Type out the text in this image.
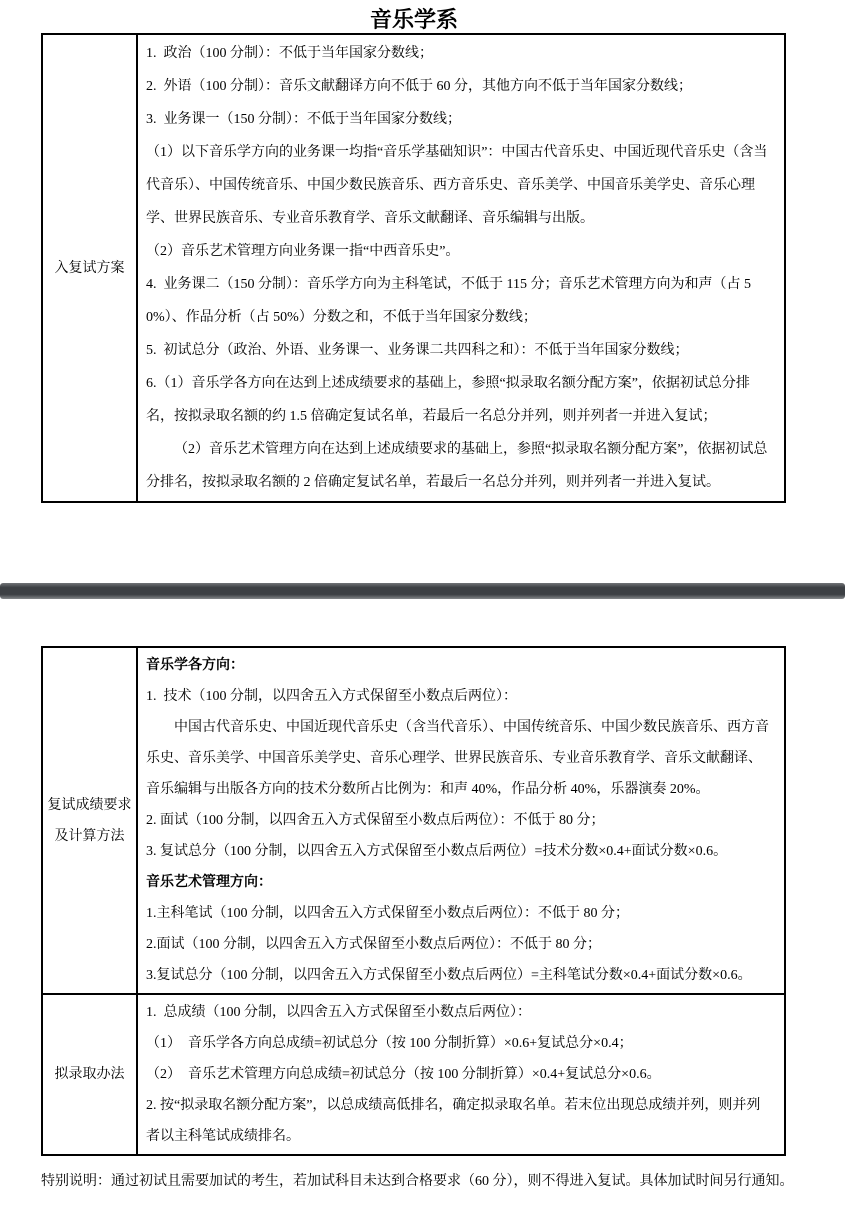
音乐学系
入复试方案

1.  政治（100 分制）：不低于当年国家分数线；

2.  外语（100 分制）：音乐文献翻译方向不低于 60 分，其他方向不低于当年国家分数线；

3.  业务课一（150 分制）：不低于当年国家分数线；

（1）以下音乐学方向的业务课一均指“音乐学基础知识”：中国古代音乐史、中国近现代音乐史（含当代音乐）、中国传统音乐、中国少数民族音乐、西方音乐史、音乐美学、中国音乐美学史、音乐心理学、世界民族音乐、专业音乐教育学、音乐文献翻译、音乐编辑与出版。

（2）音乐艺术管理方向业务课一指“中西音乐史”。

4.  业务课二（150 分制）：音乐学方向为主科笔试，不低于 115 分；音乐艺术管理方向为和声（占 50%）、作品分析（占 50%）分数之和，不低于当年国家分数线；

5.  初试总分（政治、外语、业务课一、业务课二共四科之和）：不低于当年国家分数线；

6.（1）音乐学各方向在达到上述成绩要求的基础上，参照“拟录取名额分配方案”，依据初试总分排名，按拟录取名额的约 1.5 倍确定复试名单，若最后一名总分并列，则并列者一并进入复试；

（2）音乐艺术管理方向在达到上述成绩要求的基础上，参照“拟录取名额分配方案”，依据初试总分排名，按拟录取名额的 2 倍确定复试名单，若最后一名总分并列，则并列者一并进入复试。

复试成绩要求
及计算方法

音乐学各方向：

1.  技术（100 分制，以四舍五入方式保留至小数点后两位）：

中国古代音乐史、中国近现代音乐史（含当代音乐）、中国传统音乐、中国少数民族音乐、西方音乐史、音乐美学、中国音乐美学史、音乐心理学、世界民族音乐、专业音乐教育学、音乐文献翻译、音乐编辑与出版各方向的技术分数所占比例为：和声 40%，作品分析 40%，乐器演奏 20%。

2. 面试（100 分制，以四舍五入方式保留至小数点后两位）：不低于 80 分；

3. 复试总分（100 分制，以四舍五入方式保留至小数点后两位）=技术分数×0.4+面试分数×0.6。

音乐艺术管理方向：

1.主科笔试（100 分制，以四舍五入方式保留至小数点后两位）：不低于 80 分；

2.面试（100 分制，以四舍五入方式保留至小数点后两位）：不低于 80 分；

3.复试总分（100 分制，以四舍五入方式保留至小数点后两位）=主科笔试分数×0.4+面试分数×0.6。

拟录取办法

1.  总成绩（100 分制，以四舍五入方式保留至小数点后两位）：

（1）　音乐学各方向总成绩=初试总分（按 100 分制折算）×0.6+复试总分×0.4；

（2）　音乐艺术管理方向总成绩=初试总分（按 100 分制折算）×0.4+复试总分×0.6。

2. 按“拟录取名额分配方案”，以总成绩高低排名，确定拟录取名单。若末位出现总成绩并列，则并列者以主科笔试成绩排名。

特别说明：通过初试且需要加试的考生，若加试科目未达到合格要求（60 分），则不得进入复试。具体加试时间另行通知。
